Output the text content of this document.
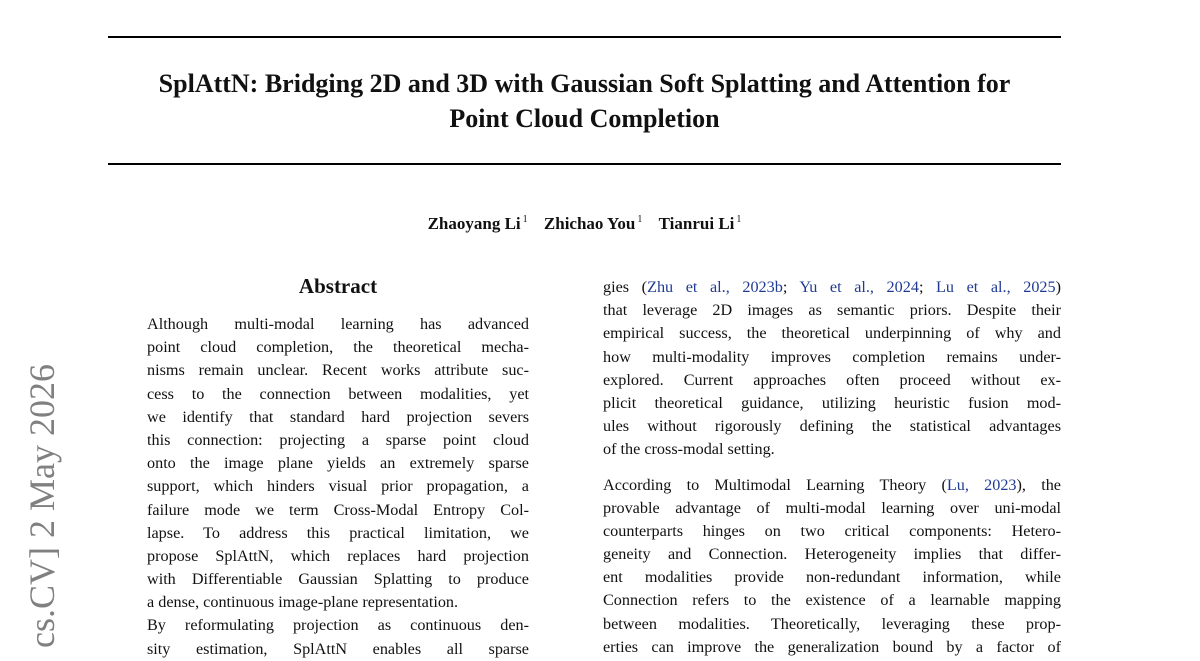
cs.CV] 2 May 2026
SplAttN: Bridging 2D and 3D with Gaussian Soft Splatting and Attention for
Point Cloud Completion
Zhaoyang Li $^1$ Zhichao You $^1$ Tianrui Li $^1$
Abstract
Although multi-modal learning has advanced
point cloud completion, the theoretical mecha-
nisms remain unclear. Recent works attribute suc-
cess to the connection between modalities, yet
we identify that standard hard projection severs
this connection: projecting a sparse point cloud
onto the image plane yields an extremely sparse
support, which hinders visual prior propagation, a
failure mode we term Cross-Modal Entropy Col-
lapse. To address this practical limitation, we
propose SplAttN, which replaces hard projection
with Differentiable Gaussian Splatting to produce
a dense, continuous image-plane representation.
By reformulating projection as continuous den-
sity estimation, SplAttN enables all sparse
gies (Zhu et al., 2023b; Yu et al., 2024; Lu et al., 2025)
that leverage 2D images as semantic priors. Despite their
empirical success, the theoretical underpinning of why and
how multi-modality improves completion remains under-
explored. Current approaches often proceed without ex-
plicit theoretical guidance, utilizing heuristic fusion mod-
ules without rigorously defining the statistical advantages
of the cross-modal setting.
According to Multimodal Learning Theory (Lu, 2023), the
provable advantage of multi-modal learning over uni-modal
counterparts hinges on two critical components: Hetero-
geneity and Connection. Heterogeneity implies that differ-
ent modalities provide non-redundant information, while
Connection refers to the existence of a learnable mapping
between modalities. Theoretically, leveraging these prop-
erties can improve the generalization bound by a factor of
